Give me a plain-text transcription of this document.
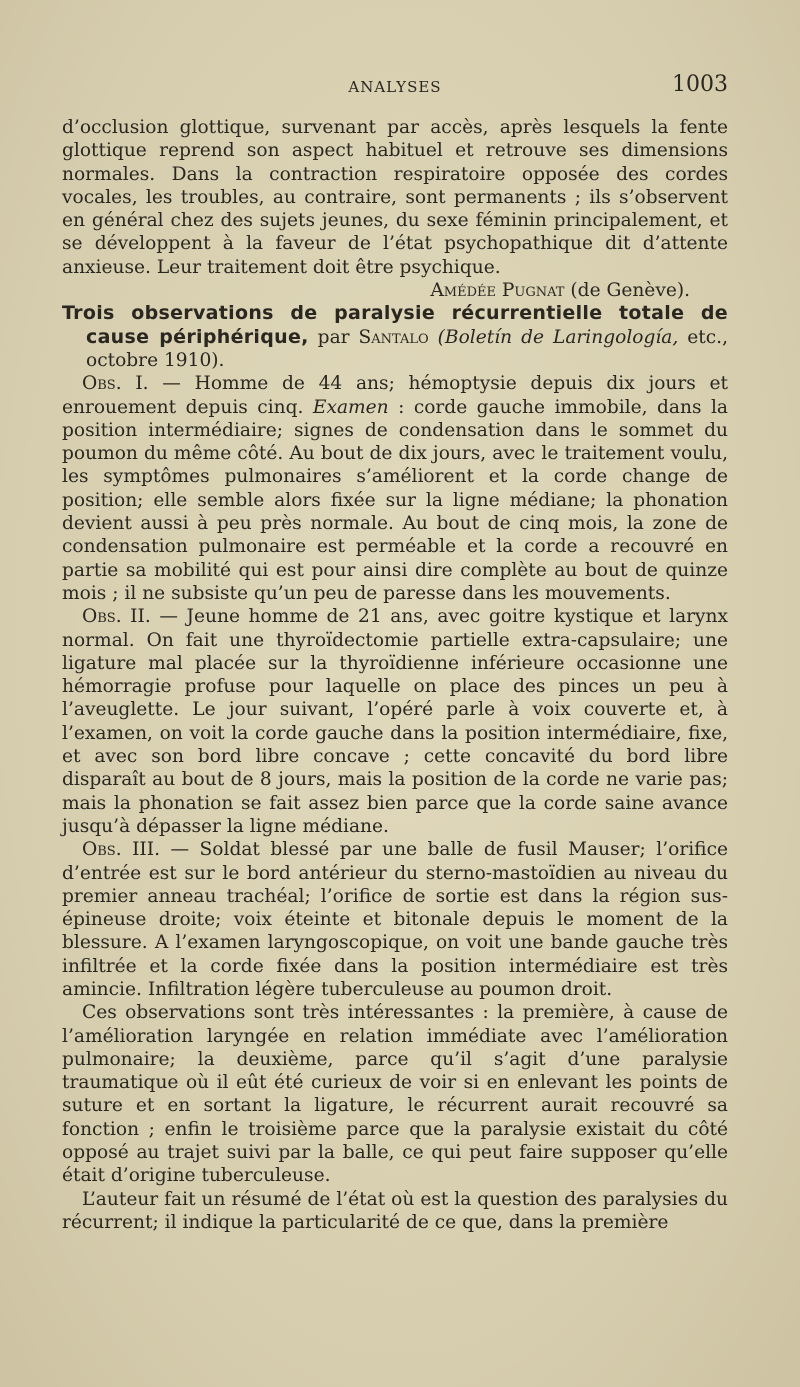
ANALYSES	1003

d’occlusion glottique, survenant par accès, après lesquels la fente glottique reprend son aspect habituel et retrouve ses dimensions normales. Dans la contraction respiratoire opposée des cordes vocales, les troubles, au contraire, sont permanents ; ils s’observent en général chez des sujets jeunes, du sexe féminin principalement, et se développent à la faveur de l’état psychopathique dit d’attente anxieuse. Leur traitement doit être psychique.

Amédée Pugnat (de Genève).

Trois observations de paralysie récurrentielle totale de cause périphérique, par Santalo (Boletín de Laringología, etc., octobre 1910).

Obs. I. — Homme de 44 ans; hémoptysie depuis dix jours et enrouement depuis cinq. Examen : corde gauche immobile, dans la position intermédiaire; signes de condensation dans le sommet du poumon du même côté. Au bout de dix jours, avec le traitement voulu, les symptômes pulmonaires s’améliorent et la corde change de position; elle semble alors fixée sur la ligne médiane; la phonation devient aussi à peu près normale. Au bout de cinq mois, la zone de condensation pulmonaire est perméable et la corde a recouvré en partie sa mobilité qui est pour ainsi dire complète au bout de quinze mois ; il ne subsiste qu’un peu de paresse dans les mouvements.

Obs. II. — Jeune homme de 21 ans, avec goitre kystique et larynx normal. On fait une thyroïdectomie partielle extra-capsulaire; une ligature mal placée sur la thyroïdienne inférieure occasionne une hémorragie profuse pour laquelle on place des pinces un peu à l’aveuglette. Le jour suivant, l’opéré parle à voix couverte et, à l’examen, on voit la corde gauche dans la position intermédiaire, fixe, et avec son bord libre concave ; cette concavité du bord libre disparaît au bout de 8 jours, mais la position de la corde ne varie pas; mais la phonation se fait assez bien parce que la corde saine avance jusqu’à dépasser la ligne médiane.

Obs. III. — Soldat blessé par une balle de fusil Mauser; l’orifice d’entrée est sur le bord antérieur du sterno-mastoïdien au niveau du premier anneau trachéal; l’orifice de sortie est dans la région sus-épineuse droite; voix éteinte et bitonale depuis le moment de la blessure. A l’examen laryngoscopique, on voit une bande gauche très infiltrée et la corde fixée dans la position intermédiaire est très amincie. Infiltration légère tuberculeuse au poumon droit.

Ces observations sont très intéressantes : la première, à cause de l’amélioration laryngée en relation immédiate avec l’amélioration pulmonaire; la deuxième, parce qu’il s’agit d’une paralysie traumatique où il eût été curieux de voir si en enlevant les points de suture et en sortant la ligature, le récurrent aurait recouvré sa fonction ; enfin le troisième parce que la paralysie existait du côté opposé au trajet suivi par la balle, ce qui peut faire supposer qu’elle était d’origine tuberculeuse.

L’auteur fait un résumé de l’état où est la question des paralysies du récurrent; il indique la particularité de ce que, dans la première
